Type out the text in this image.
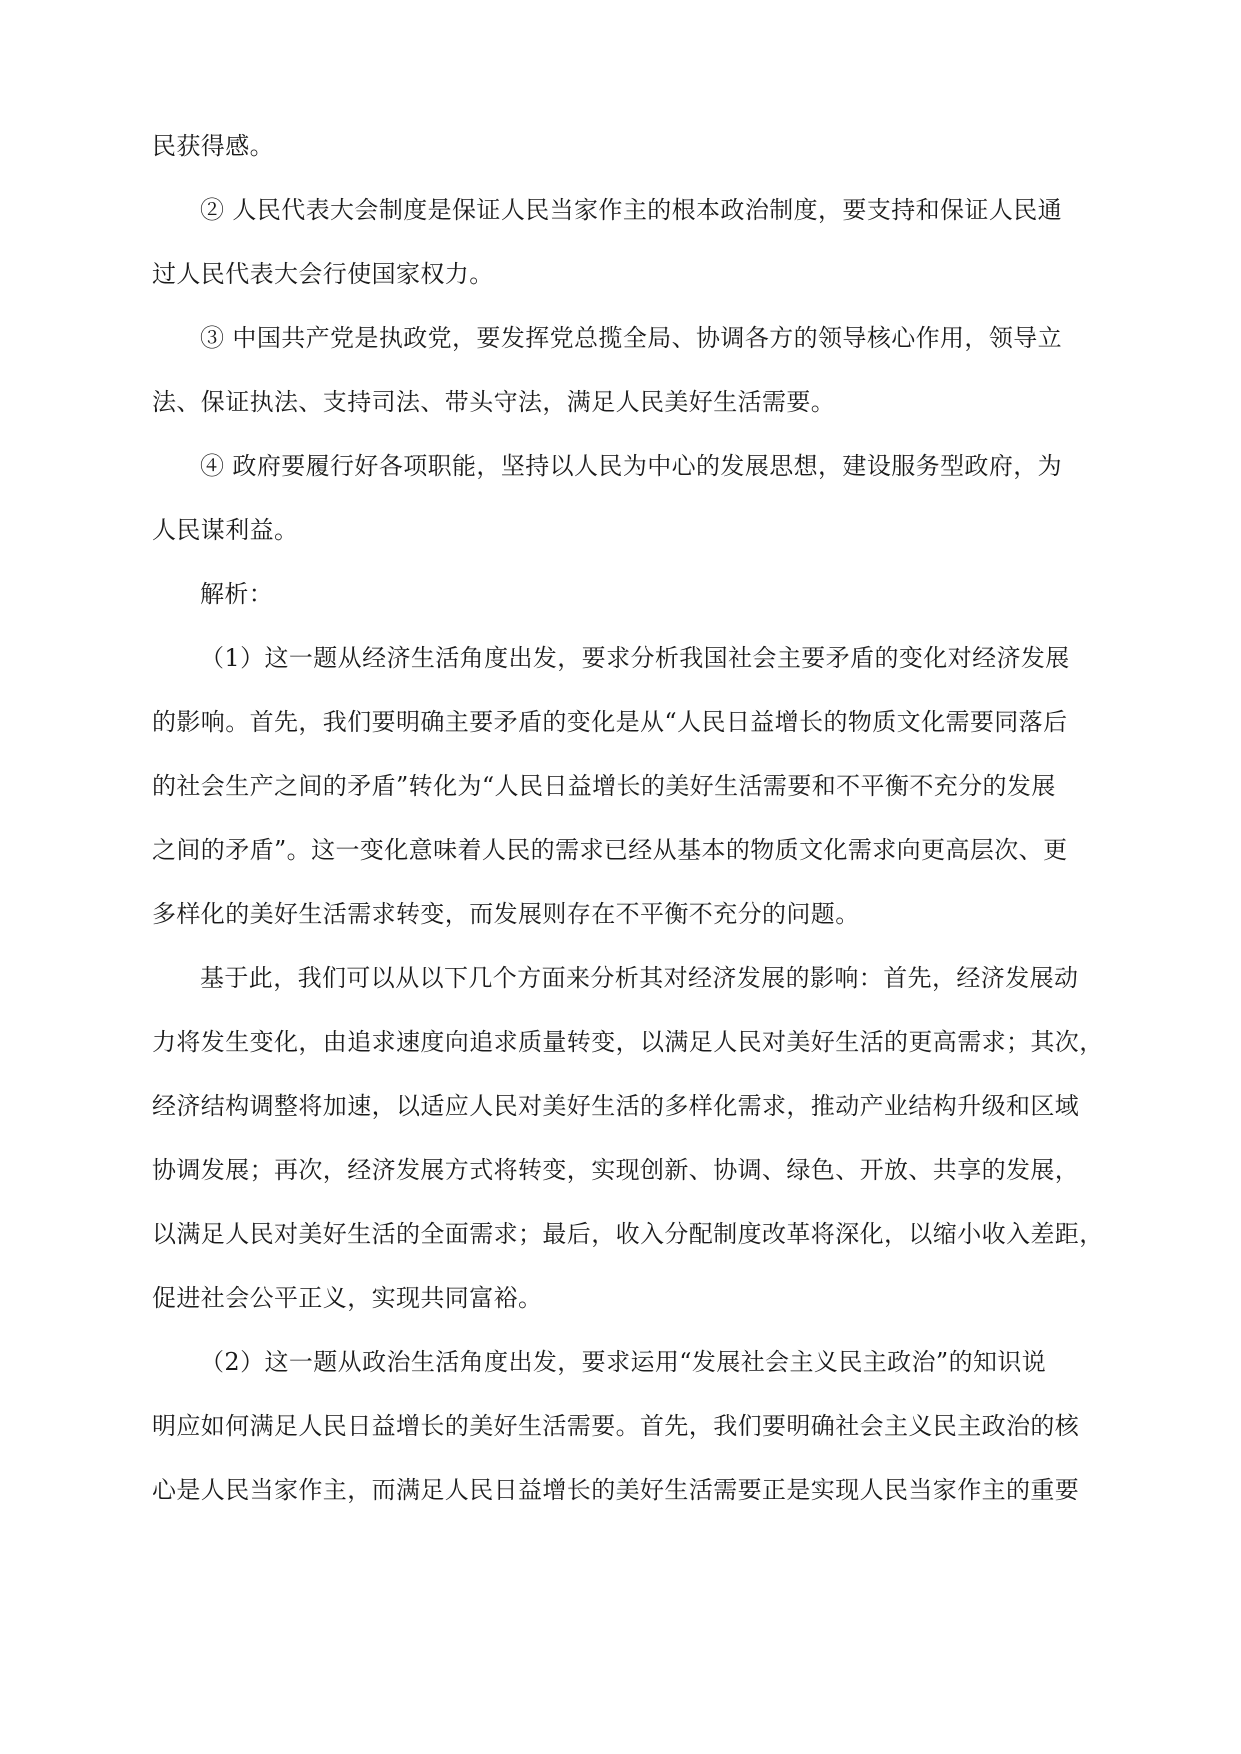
民获得感。
② 人民代表大会制度是保证人民当家作主的根本政治制度，要支持和保证人民通
过人民代表大会行使国家权力。
③ 中国共产党是执政党，要发挥党总揽全局、协调各方的领导核心作用，领导立
法、保证执法、支持司法、带头守法，满足人民美好生活需要。
④ 政府要履行好各项职能，坚持以人民为中心的发展思想，建设服务型政府，为
人民谋利益。
解析：
（1）这一题从经济生活角度出发，要求分析我国社会主要矛盾的变化对经济发展
的影响。首先，我们要明确主要矛盾的变化是从“人民日益增长的物质文化需要同落后
的社会生产之间的矛盾”转化为“人民日益增长的美好生活需要和不平衡不充分的发展
之间的矛盾”。这一变化意味着人民的需求已经从基本的物质文化需求向更高层次、更
多样化的美好生活需求转变，而发展则存在不平衡不充分的问题。
基于此，我们可以从以下几个方面来分析其对经济发展的影响：首先，经济发展动
力将发生变化，由追求速度向追求质量转变，以满足人民对美好生活的更高需求；其次，
经济结构调整将加速，以适应人民对美好生活的多样化需求，推动产业结构升级和区域
协调发展；再次，经济发展方式将转变，实现创新、协调、绿色、开放、共享的发展，
以满足人民对美好生活的全面需求；最后，收入分配制度改革将深化，以缩小收入差距，
促进社会公平正义，实现共同富裕。
（2）这一题从政治生活角度出发，要求运用“发展社会主义民主政治”的知识说
明应如何满足人民日益增长的美好生活需要。首先，我们要明确社会主义民主政治的核
心是人民当家作主，而满足人民日益增长的美好生活需要正是实现人民当家作主的重要
